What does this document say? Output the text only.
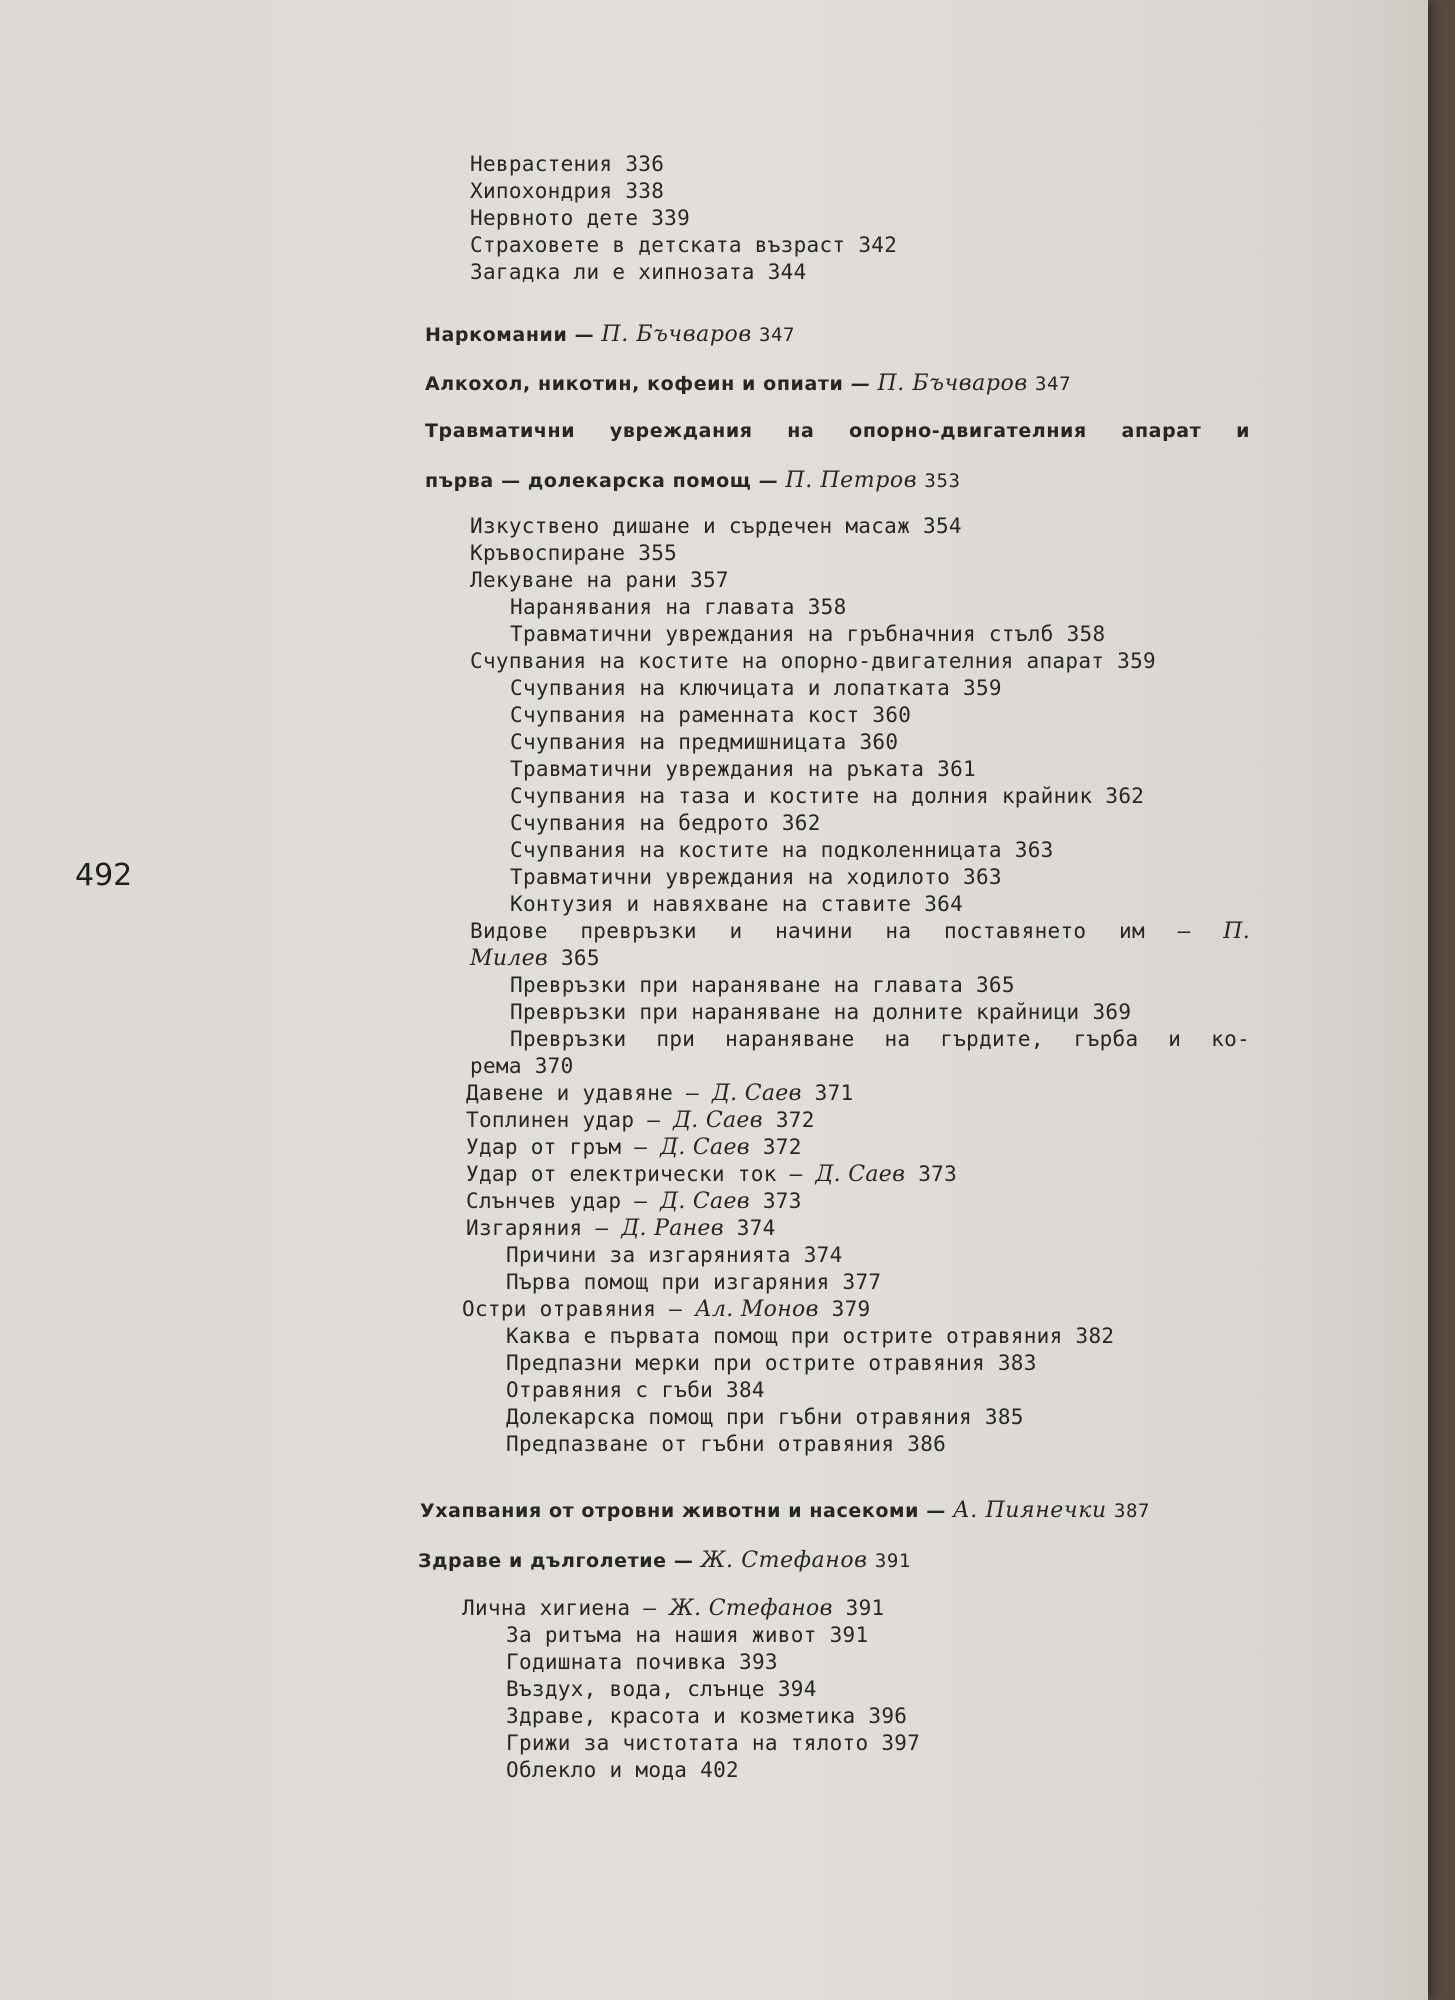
492
Неврастения 336
Хипохондрия 338
Нервното дете 339
Страховете в детската възраст 342
Загадка ли е хипнозата 344
Наркомании — П. Бъчваров 347
Алкохол, никотин, кофеин и опиати — П. Бъчваров 347
Травматични увреждания на опорно-двигателния апарат и
първа — долекарска помощ — П. Петров 353
Изкуствено дишане и сърдечен масаж 354
Кръвоспиране 355
Лекуване на рани 357
Наранявания на главата 358
Травматични увреждания на гръбначния стълб 358
Счупвания на костите на опорно-двигателния апарат 359
Счупвания на ключицата и лопатката 359
Счупвания на раменната кост 360
Счупвания на предмишницата 360
Травматични увреждания на ръката 361
Счупвания на таза и костите на долния крайник 362
Счупвания на бедрото 362
Счупвания на костите на подколенницата 363
Травматични увреждания на ходилото 363
Контузия и навяхване на ставите 364
Видове превръзки и начини на поставянето им — П.
Милев 365
Превръзки при нараняване на главата 365
Превръзки при нараняване на долните крайници 369
Превръзки при нараняване на гърдите, гърба и ко-
рема 370
Давене и удавяне — Д. Саев 371
Топлинен удар — Д. Саев 372
Удар от гръм — Д. Саев 372
Удар от електрически ток — Д. Саев 373
Слънчев удар — Д. Саев 373
Изгаряния — Д. Ранев 374
Причини за изгарянията 374
Първа помощ при изгаряния 377
Остри отравяния — Ал. Монов 379
Каква е първата помощ при острите отравяния 382
Предпазни мерки при острите отравяния 383
Отравяния с гъби 384
Долекарска помощ при гъбни отравяния 385
Предпазване от гъбни отравяния 386
Ухапвания от отровни животни и насекоми — А. Пиянечки 387
Здраве и дълголетие — Ж. Стефанов 391
Лична хигиена — Ж. Стефанов 391
За ритъма на нашия живот 391
Годишната почивка 393
Въздух, вода, слънце 394
Здраве, красота и козметика 396
Грижи за чистотата на тялото 397
Облекло и мода 402
